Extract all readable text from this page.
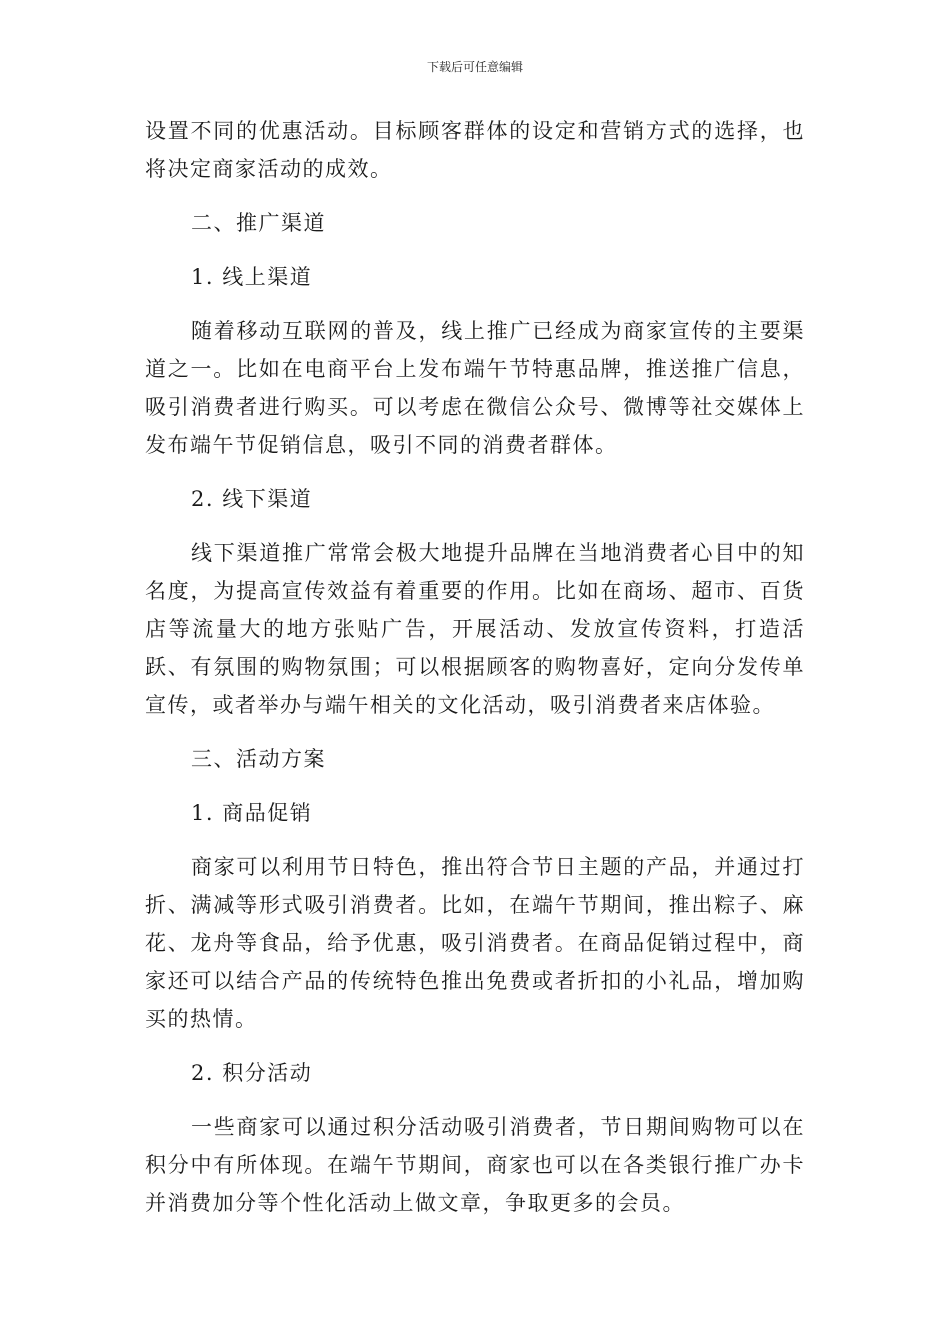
下载后可任意编辑

设置不同的优惠活动。目标顾客群体的设定和营销方式的选择，也将决定商家活动的成效。

二、推广渠道

1. 线上渠道

随着移动互联网的普及，线上推广已经成为商家宣传的主要渠道之一。比如在电商平台上发布端午节特惠品牌，推送推广信息，吸引消费者进行购买。可以考虑在微信公众号、微博等社交媒体上发布端午节促销信息，吸引不同的消费者群体。

2. 线下渠道

线下渠道推广常常会极大地提升品牌在当地消费者心目中的知名度，为提高宣传效益有着重要的作用。比如在商场、超市、百货店等流量大的地方张贴广告，开展活动、发放宣传资料，打造活跃、有氛围的购物氛围；可以根据顾客的购物喜好，定向分发传单宣传，或者举办与端午相关的文化活动，吸引消费者来店体验。

三、活动方案

1. 商品促销

商家可以利用节日特色，推出符合节日主题的产品，并通过打折、满减等形式吸引消费者。比如，在端午节期间，推出粽子、麻花、龙舟等食品，给予优惠，吸引消费者。在商品促销过程中，商家还可以结合产品的传统特色推出免费或者折扣的小礼品，增加购买的热情。

2. 积分活动

一些商家可以通过积分活动吸引消费者，节日期间购物可以在积分中有所体现。在端午节期间，商家也可以在各类银行推广办卡并消费加分等个性化活动上做文章，争取更多的会员。
